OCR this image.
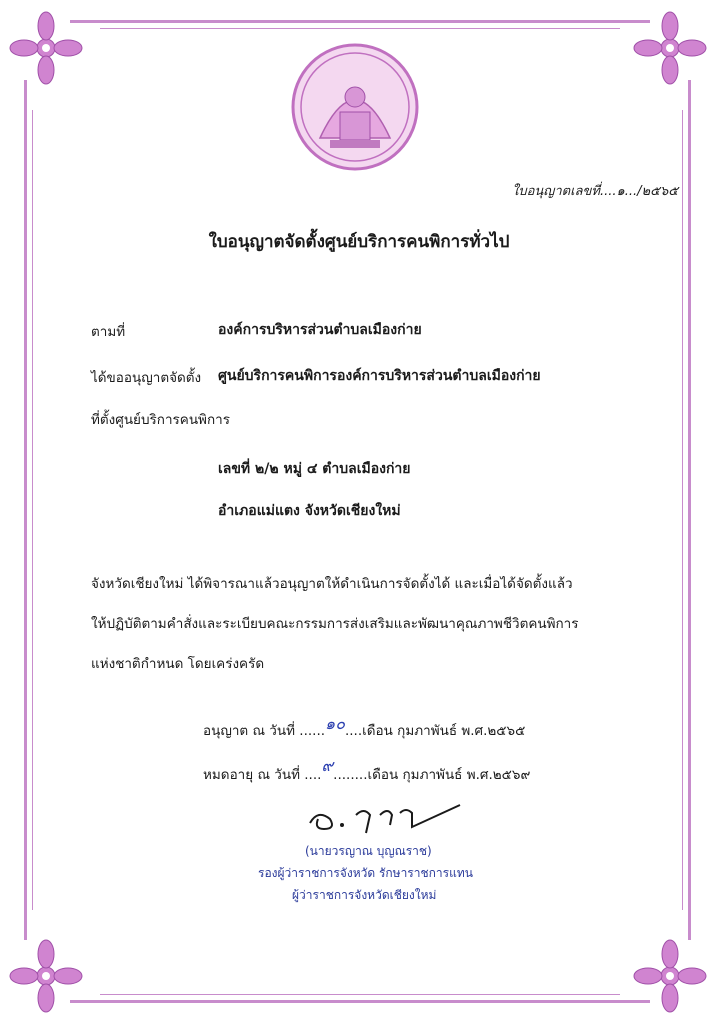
ใบอนุญาตเลขที่....๑.../๒๕๖๕
ใบอนุญาตจัดตั้งศูนย์บริการคนพิการทั่วไป
ตามที่	องค์การบริหารส่วนตำบลเมืองก่าย
ได้ขออนุญาตจัดตั้ง ศูนย์บริการคนพิการองค์การบริหารส่วนตำบลเมืองก่าย
ที่ตั้งศูนย์บริการคนพิการ
เลขที่ ๒/๒ หมู่ ๔ ตำบลเมืองก่าย
อำเภอแม่แตง จังหวัดเชียงใหม่
จังหวัดเชียงใหม่ ได้พิจารณาแล้วอนุญาตให้ดำเนินการจัดตั้งได้ และเมื่อได้จัดตั้งแล้ว
ให้ปฏิบัติตามคำสั่งและระเบียบคณะกรรมการส่งเสริมและพัฒนาคุณภาพชีวิตคนพิการ
แห่งชาติกำหนด โดยเคร่งครัด
อนุญาต ณ วันที่ ......๑๐....เดือน กุมภาพันธ์ พ.ศ.๒๕๖๕
หมดอายุ ณ วันที่ ....๙........เดือน กุมภาพันธ์ พ.ศ.๒๕๖๙
(นายวรญาณ บุญณราช)
รองผู้ว่าราชการจังหวัด รักษาราชการแทน
ผู้ว่าราชการจังหวัดเชียงใหม่
